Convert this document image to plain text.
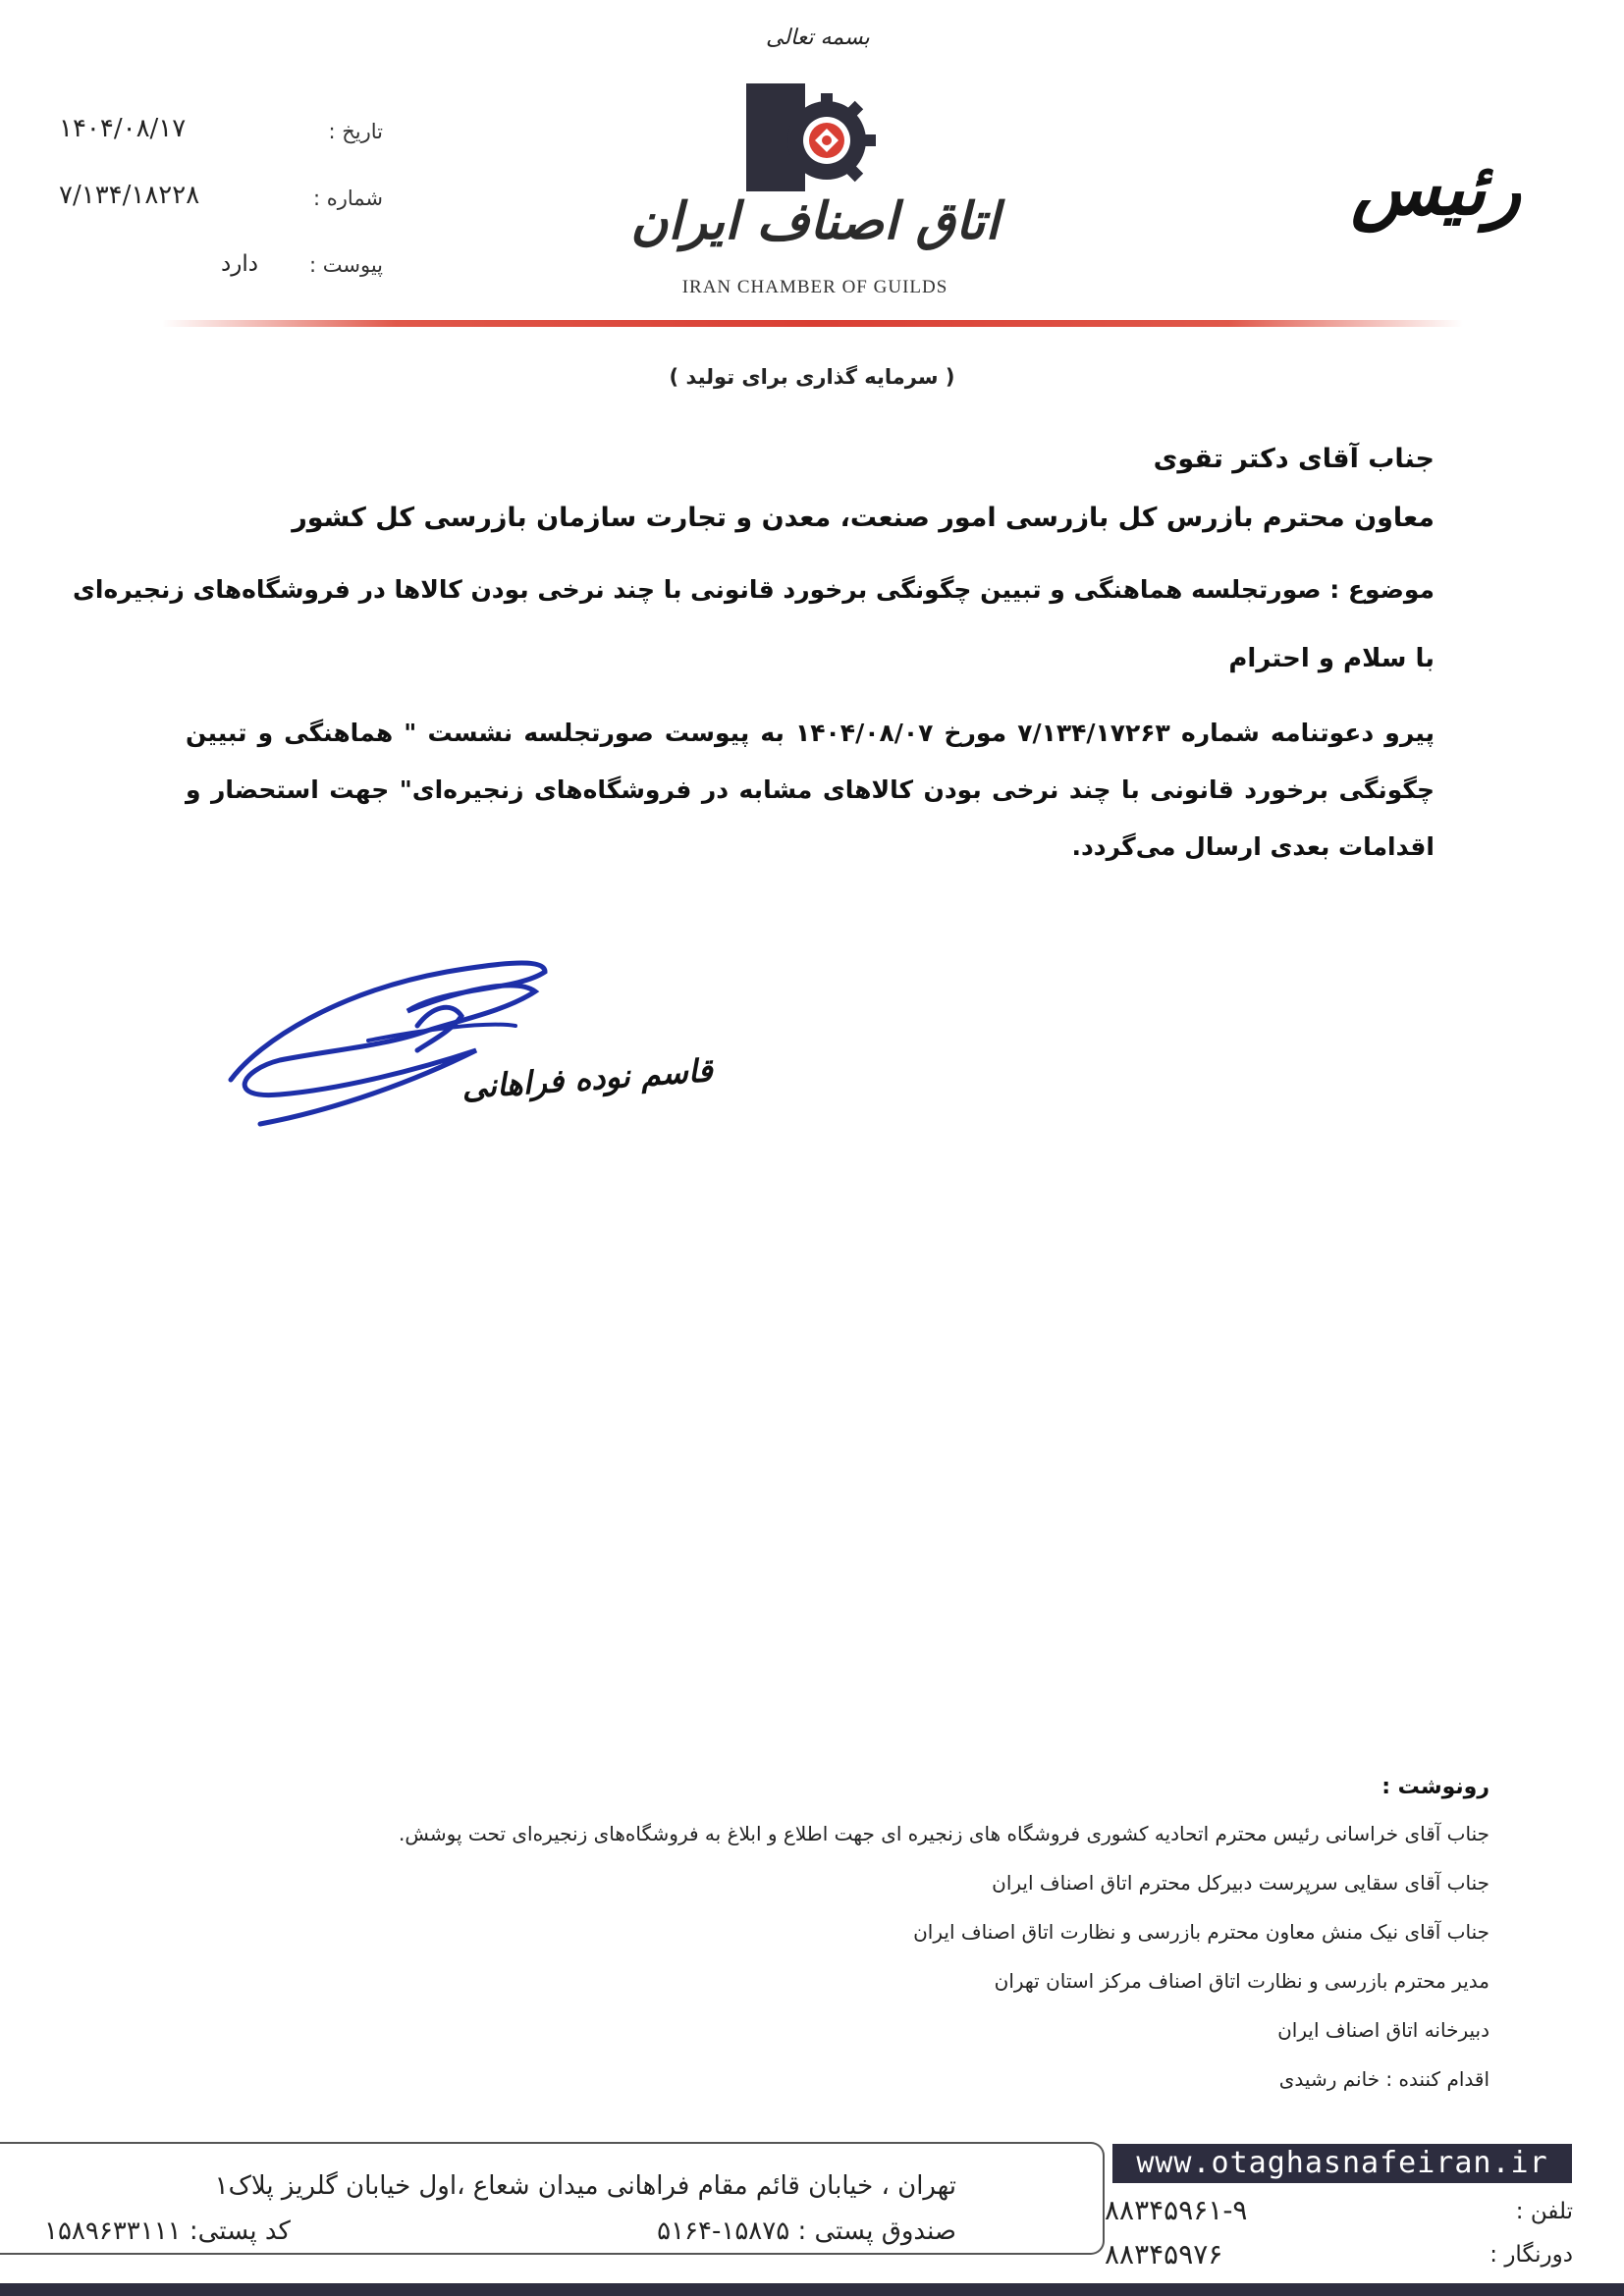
بسمه تعالی
اتاق اصناف ایران
IRAN CHAMBER OF GUILDS
رئیس
تاریخ :
۱۴۰۴/۰۸/۱۷
شماره :
۷/۱۳۴/۱۸۲۲۸
پیوست :
دارد
( سرمایه گذاری برای تولید )
جناب آقای دکتر تقوی
معاون محترم بازرس کل بازرسی امور صنعت، معدن و تجارت سازمان بازرسی کل کشور
موضوع : صورتجلسه هماهنگی و تبیین چگونگی برخورد قانونی با چند نرخی بودن کالاها در فروشگاه‌های زنجیره‌ای
با سلام و احترام
پیرو دعوتنامه شماره ۷/۱۳۴/۱۷۲۶۳ مورخ ۱۴۰۴/۰۸/۰۷ به پیوست صورتجلسه نشست " هماهنگی و تبیین چگونگی برخورد قانونی با چند نرخی بودن کالاهای مشابه در فروشگاه‌های زنجیره‌ای" جهت استحضار و اقدامات بعدی ارسال می‌گردد.
قاسم نوده فراهانی
رونوشت :
جناب آقای خراسانی رئیس محترم اتحادیه کشوری فروشگاه های زنجیره ای جهت اطلاع و ابلاغ به فروشگاه‌های زنجیره‌ای تحت پوشش.
جناب آقای سقایی سرپرست دبیرکل محترم اتاق اصناف ایران
جناب آقای نیک منش معاون محترم بازرسی و نظارت اتاق اصناف ایران
مدیر محترم بازرسی و نظارت اتاق اصناف مرکز استان تهران
دبیرخانه اتاق اصناف ایران
اقدام کننده : خانم رشیدی
تهران ، خیابان قائم مقام فراهانی میدان شعاع ،اول خیابان گلریز پلاک۱
صندوق پستی : ۱۵۸۷۵-۵۱۶۴
کد پستی: ۱۵۸۹۶۳۳۱۱۱
www.otaghasnafeiran.ir
تلفن :
۸۸۳۴۵۹۶۱-۹
دورنگار :
۸۸۳۴۵۹۷۶
